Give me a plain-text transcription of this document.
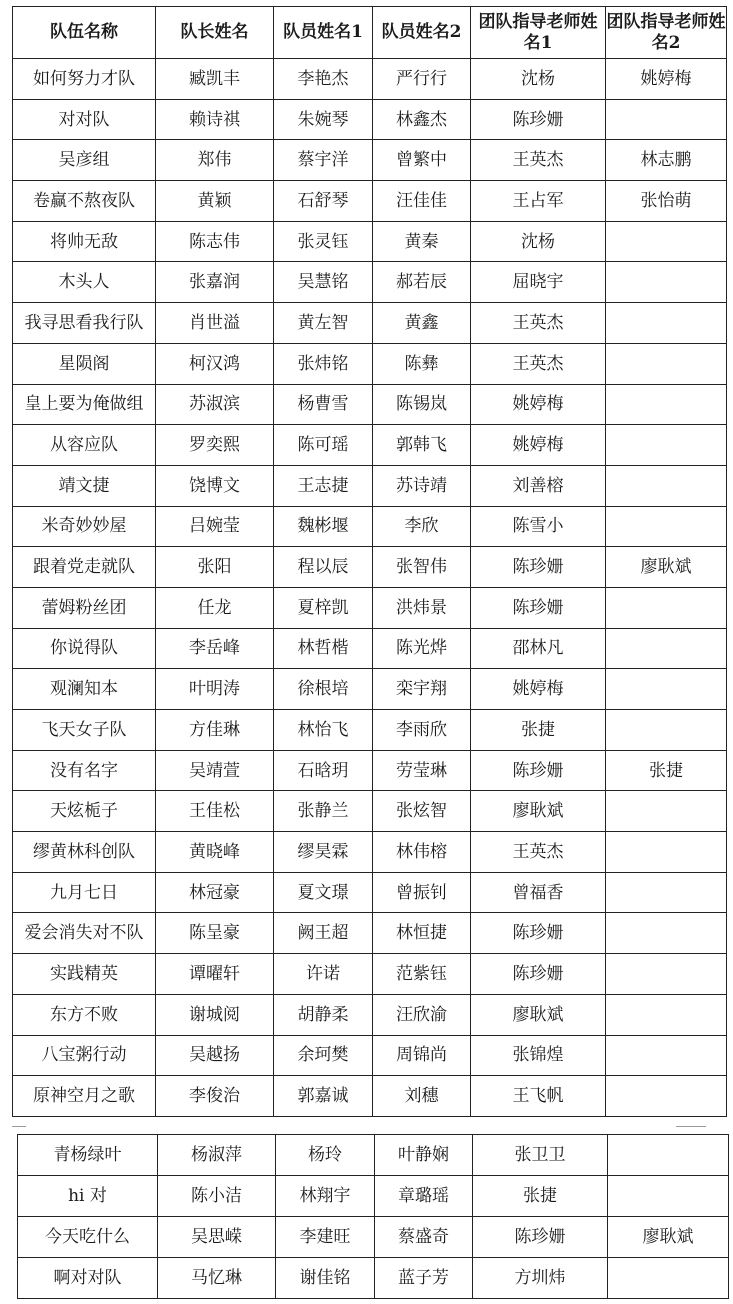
队伍名称	队长姓名	队员姓名1	队员姓名2	团队指导老师姓名1	团队指导老师姓名2
如何努力才队	臧凯丰	李艳杰	严行行	沈杨	姚婷梅
对对队	赖诗祺	朱婉琴	林鑫杰	陈珍姗	
吴彦组	郑伟	蔡宇洋	曾繁中	王英杰	林志鹏
卷赢不熬夜队	黄颖	石舒琴	汪佳佳	王占军	张怡萌
将帅无敌	陈志伟	张灵钰	黄秦	沈杨	
木头人	张嘉润	吴慧铭	郝若辰	屈晓宇	
我寻思看我行队	肖世溢	黄左智	黄鑫	王英杰	
星陨阁	柯汉鸿	张炜铭	陈彝	王英杰	
皇上要为俺做组	苏淑滨	杨曹雪	陈锡岚	姚婷梅	
从容应队	罗奕熙	陈可瑶	郭韩飞	姚婷梅	
靖文捷	饶博文	王志捷	苏诗靖	刘善榕	
米奇妙妙屋	吕婉莹	魏彬堰	李欣	陈雪小	
跟着党走就队	张阳	程以辰	张智伟	陈珍姗	廖耿斌
蕾姆粉丝团	任龙	夏梓凯	洪炜景	陈珍姗	
你说得队	李岳峰	林哲楷	陈光烨	邵林凡	
观澜知本	叶明涛	徐根培	栾宇翔	姚婷梅	
飞天女子队	方佳琳	林怡飞	李雨欣	张捷	
没有名字	吴靖萱	石晗玥	劳莹琳	陈珍姗	张捷
天炫栀子	王佳松	张静兰	张炫智	廖耿斌	
缪黄林科创队	黄晓峰	缪昊霖	林伟榕	王英杰	
九月七日	林冠豪	夏文璟	曾振钊	曾福香	
爱会消失对不队	陈呈豪	阙王超	林恒捷	陈珍姗	
实践精英	谭曜轩	许诺	范紫钰	陈珍姗	
东方不败	谢城阅	胡静柔	汪欣渝	廖耿斌	
八宝粥行动	吴越扬	余珂樊	周锦尚	张锦煌	
原神空月之歌	李俊治	郭嘉诚	刘穗	王飞帆	
青杨绿叶	杨淑萍	杨玲	叶静娴	张卫卫	
hi 对	陈小洁	林翔宇	章璐瑶	张捷	
今天吃什么	吴思嵘	李建旺	蔡盛奇	陈珍姗	廖耿斌
啊对对队	马忆琳	谢佳铭	蓝子芳	方圳炜	
